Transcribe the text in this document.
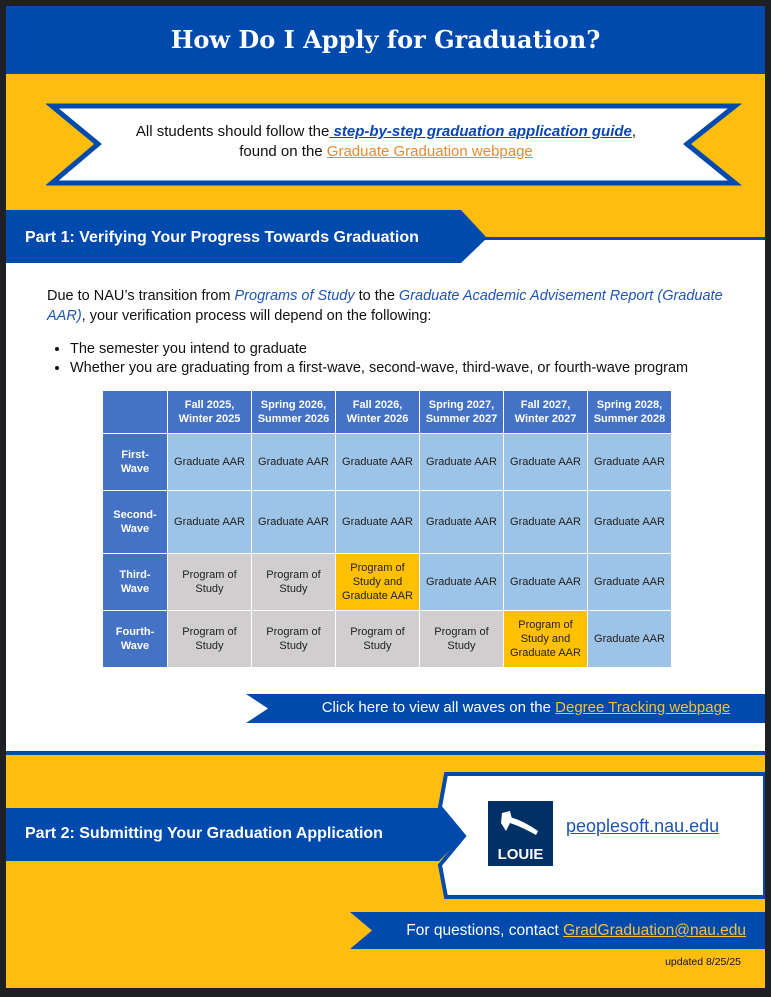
How Do I Apply for Graduation?
All students should follow the step-by-step graduation application guide,
found on the Graduate Graduation webpage
Part 1: Verifying Your Progress Towards Graduation
Due to NAU’s transition from Programs of Study to the Graduate Academic Advisement Report (Graduate AAR), your verification process will depend on the following:
• The semester you intend to graduate
• Whether you are graduating from a first-wave, second-wave, third-wave, or fourth-wave program
	Fall 2025,
Winter 2025	Spring 2026,
Summer 2026	Fall 2026,
Winter 2026	Spring 2027,
Summer 2027	Fall 2027,
Winter 2027	Spring 2028,
Summer 2028
First-
Wave	Graduate AAR	Graduate AAR	Graduate AAR	Graduate AAR	Graduate AAR	Graduate AAR

Second-
Wave	Graduate AAR	Graduate AAR	Graduate AAR	Graduate AAR	Graduate AAR	Graduate AAR

Third-
Wave	Program of
Study	Program of
Study	Program of
Study and
Graduate AAR	Graduate AAR	Graduate AAR	Graduate AAR

Fourth-
Wave	Program of
Study	Program of
Study	Program of
Study	Program of
Study	Program of
Study and
Graduate AAR	Graduate AAR
Click here to view all waves on the Degree Tracking webpage
Part 2: Submitting Your Graduation Application
LOUIE
peoplesoft.nau.edu
For questions, contact GradGraduation@nau.edu
updated 8/25/25
